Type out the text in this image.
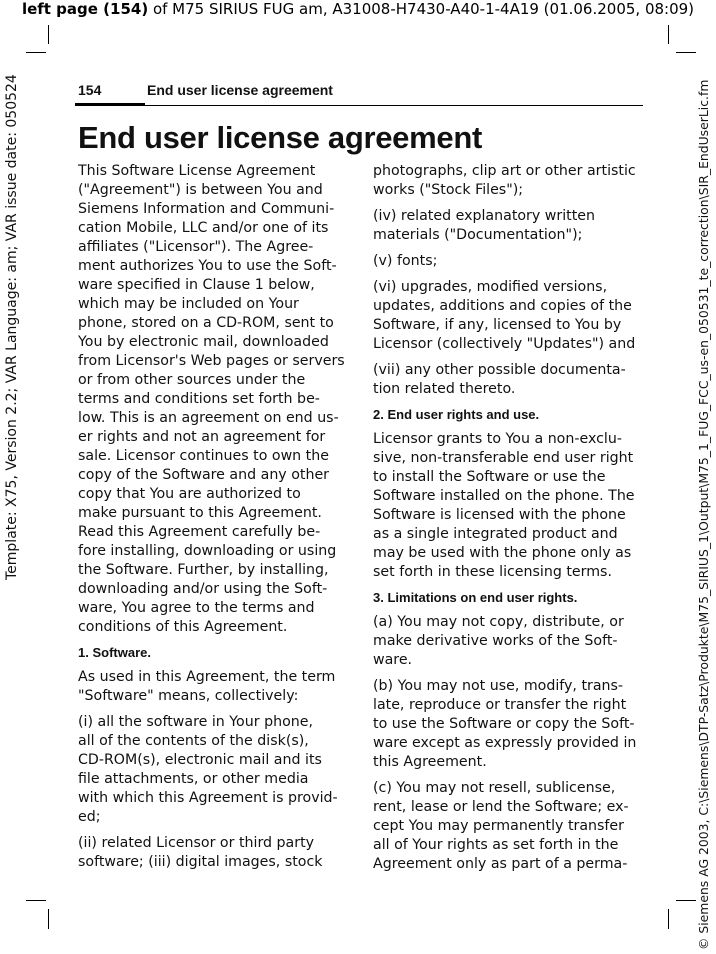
left page (154) of M75 SIRIUS FUG am, A31008-H7430-A40-1-4A19 (01.06.2005, 08:09)
Template: X75, Version 2.2; VAR Language: am; VAR issue date: 050524	© Siemens AG 2003, C:\Siemens\DTP-Satz\Produkte\M75_SIRIUS_1\Output\M75_1_FUG_FCC_us-en_050531_te_correction\SIR_EndUserLic.fm
154	End user license agreement
End user license agreement

This Software License Agreement
("Agreement") is between You and
Siemens Information and Communi-
cation Mobile, LLC and/or one of its
affiliates ("Licensor"). The Agree-
ment authorizes You to use the Soft-
ware specified in Clause 1 below,
which may be included on Your
phone, stored on a CD-ROM, sent to
You by electronic mail, downloaded
from Licensor's Web pages or servers
or from other sources under the
terms and conditions set forth be-
low. This is an agreement on end us-
er rights and not an agreement for
sale. Licensor continues to own the
copy of the Software and any other
copy that You are authorized to
make pursuant to this Agreement.
Read this Agreement carefully be-
fore installing, downloading or using
the Software. Further, by installing,
downloading and/or using the Soft-
ware, You agree to the terms and
conditions of this Agreement.

1. Software.

As used in this Agreement, the term
"Software" means, collectively:

(i) all the software in Your phone,
all of the contents of the disk(s),
CD-ROM(s), electronic mail and its
file attachments, or other media
with which this Agreement is provid-
ed;

(ii) related Licensor or third party
software; (iii) digital images, stock

photographs, clip art or other artistic
works ("Stock Files");

(iv) related explanatory written
materials ("Documentation");

(v) fonts;

(vi) upgrades, modified versions,
updates, additions and copies of the
Software, if any, licensed to You by
Licensor (collectively "Updates") and

(vii) any other possible documenta-
tion related thereto.

2. End user rights and use.

Licensor grants to You a non-exclu-
sive, non-transferable end user right
to install the Software or use the
Software installed on the phone. The
Software is licensed with the phone
as a single integrated product and
may be used with the phone only as
set forth in these licensing terms.

3. Limitations on end user rights.

(a) You may not copy, distribute, or
make derivative works of the Soft-
ware.

(b) You may not use, modify, trans-
late, reproduce or transfer the right
to use the Software or copy the Soft-
ware except as expressly provided in
this Agreement.

(c) You may not resell, sublicense,
rent, lease or lend the Software; ex-
cept You may permanently transfer
all of Your rights as set forth in the
Agreement only as part of a perma-
